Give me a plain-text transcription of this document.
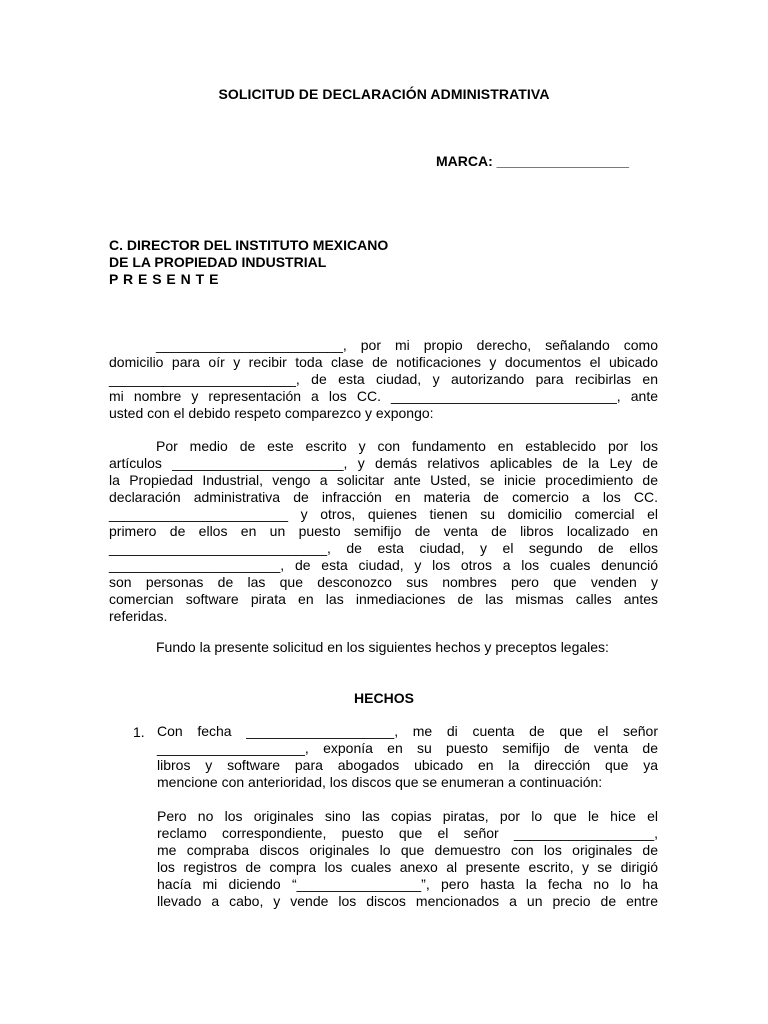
SOLICITUD DE DECLARACIÓN ADMINISTRATIVA
MARCA: _________________
C. DIRECTOR DEL INSTITUTO MEXICANO
DE LA PROPIEDAD INDUSTRIAL
P R E S E N T E
________________________, por mi propio derecho, señalando como
domicilio para oír y recibir toda clase de notificaciones y documentos el ubicado
________________________, de esta ciudad, y autorizando para recibirlas en
mi nombre y representación a los CC. _____________________________, ante
usted con el debido respeto comparezco y expongo:
Por medio de este escrito y con fundamento en establecido por los
artículos ______________________, y demás relativos aplicables de la Ley de
la Propiedad Industrial, vengo a solicitar ante Usted, se inicie procedimiento de
declaración administrativa de infracción en materia de comercio a los CC.
_______________________ y otros, quienes tienen su domicilio comercial el
primero de ellos en un puesto semifijo de venta de libros localizado en
____________________________, de esta ciudad, y el segundo de ellos
______________________, de esta ciudad, y los otros a los cuales denunció
son personas de las que desconozco sus nombres pero que venden y
comercian software pirata en las inmediaciones de las mismas calles antes
referidas.
Fundo la presente solicitud en los siguientes hechos y preceptos legales:
HECHOS
1. Con fecha ___________________, me di cuenta de que el señor
___________________, exponía en su puesto semifijo de venta de
libros y software para abogados ubicado en la dirección que ya
mencione con anterioridad, los discos que se enumeran a continuación:
Pero no los originales sino las copias piratas, por lo que le hice el
reclamo correspondiente, puesto que el señor __________________,
me compraba discos originales lo que demuestro con los originales de
los registros de compra los cuales anexo al presente escrito, y se dirigió
hacía mi diciendo “________________”, pero hasta la fecha no lo ha
llevado a cabo, y vende los discos mencionados a un precio de entre
